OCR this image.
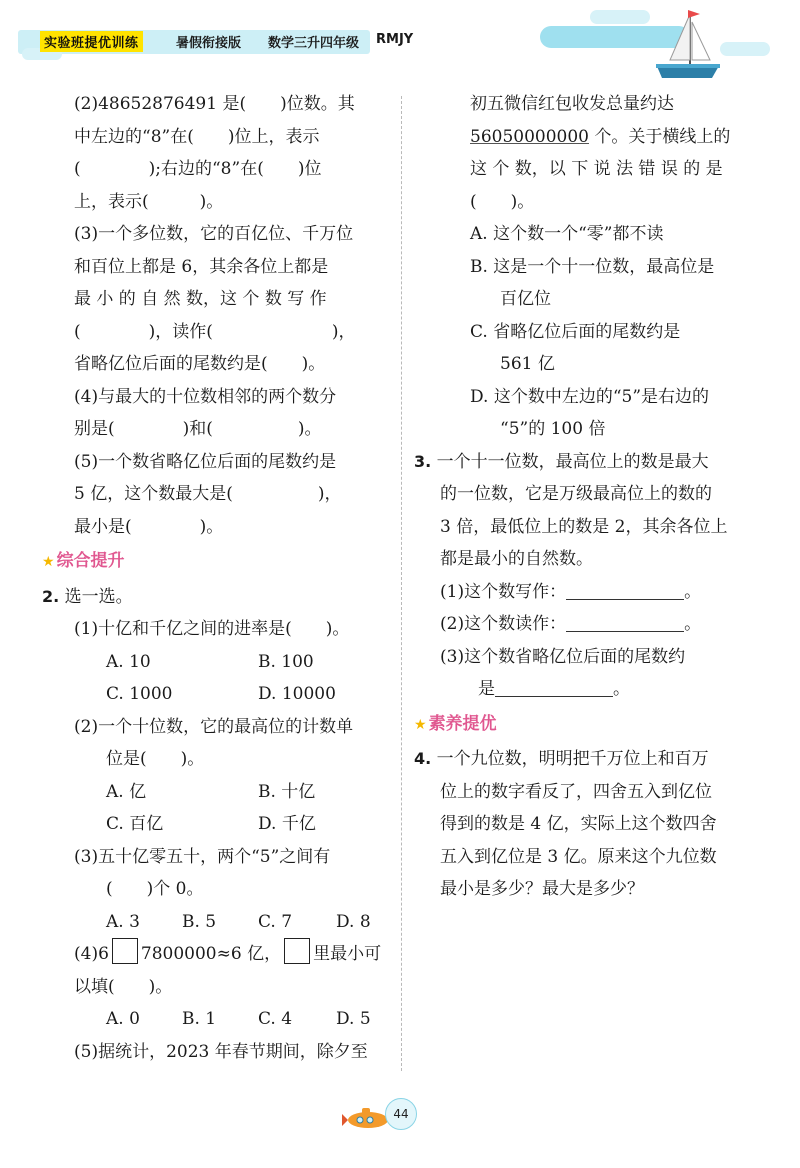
实验班提优训练	暑假衔接版 数学三升四年级 RMJY
(2)48652876491 是(　　)位数。其
中左边的“8”在(　　)位上，表示
(　　　　);右边的“8”在(　　)位
上，表示(　　　)。
(3)一个多位数，它的百亿位、千万位
和百位上都是 6，其余各位上都是
最 小 的 自 然 数，这 个 数 写 作
(　　　　)，读作(　　　　　　　)，
省略亿位后面的尾数约是(　　)。
(4)与最大的十位数相邻的两个数分
别是(　　　　)和(　　　　　)。
(5)一个数省略亿位后面的尾数约是
5 亿，这个数最大是(　　　　　)，
最小是(　　　　)。
★ 综合提升
2. 选一选。
(1)十亿和千亿之间的进率是(　　)。
A. 10	B. 100
C. 1000	D. 10000
(2)一个十位数，它的最高位的计数单
位是(　　)。
A. 亿	B. 十亿
C. 百亿	D. 千亿
(3)五十亿零五十，两个“5”之间有
(　　)个 0。
A. 3	B. 5	C. 7	D. 8
(4)6 7800000≈6 亿， 里最小可
以填(　　)。
A. 0	B. 1	C. 4	D. 5
(5)据统计，2023 年春节期间，除夕至
初五微信红包收发总量约达
56050000000 个。关于横线上的
这 个 数，以 下 说 法 错 误 的 是
(　　)。
A. 这个数一个“零”都不读
B. 这是一个十一位数，最高位是
百亿位
C. 省略亿位后面的尾数约是
561 亿
D. 这个数中左边的“5”是右边的
“5”的 100 倍
3. 一个十一位数，最高位上的数是最大
的一位数，它是万级最高位上的数的
3 倍，最低位上的数是 2，其余各位上
都是最小的自然数。
(1)这个数写作：	。
(2)这个数读作：	。
(3)这个数省略亿位后面的尾数约
是	。
★ 素养提优
4. 一个九位数，明明把千万位上和百万
位上的数字看反了，四舍五入到亿位
得到的数是 4 亿，实际上这个数四舍
五入到亿位是 3 亿。原来这个九位数
最小是多少？最大是多少？
44
